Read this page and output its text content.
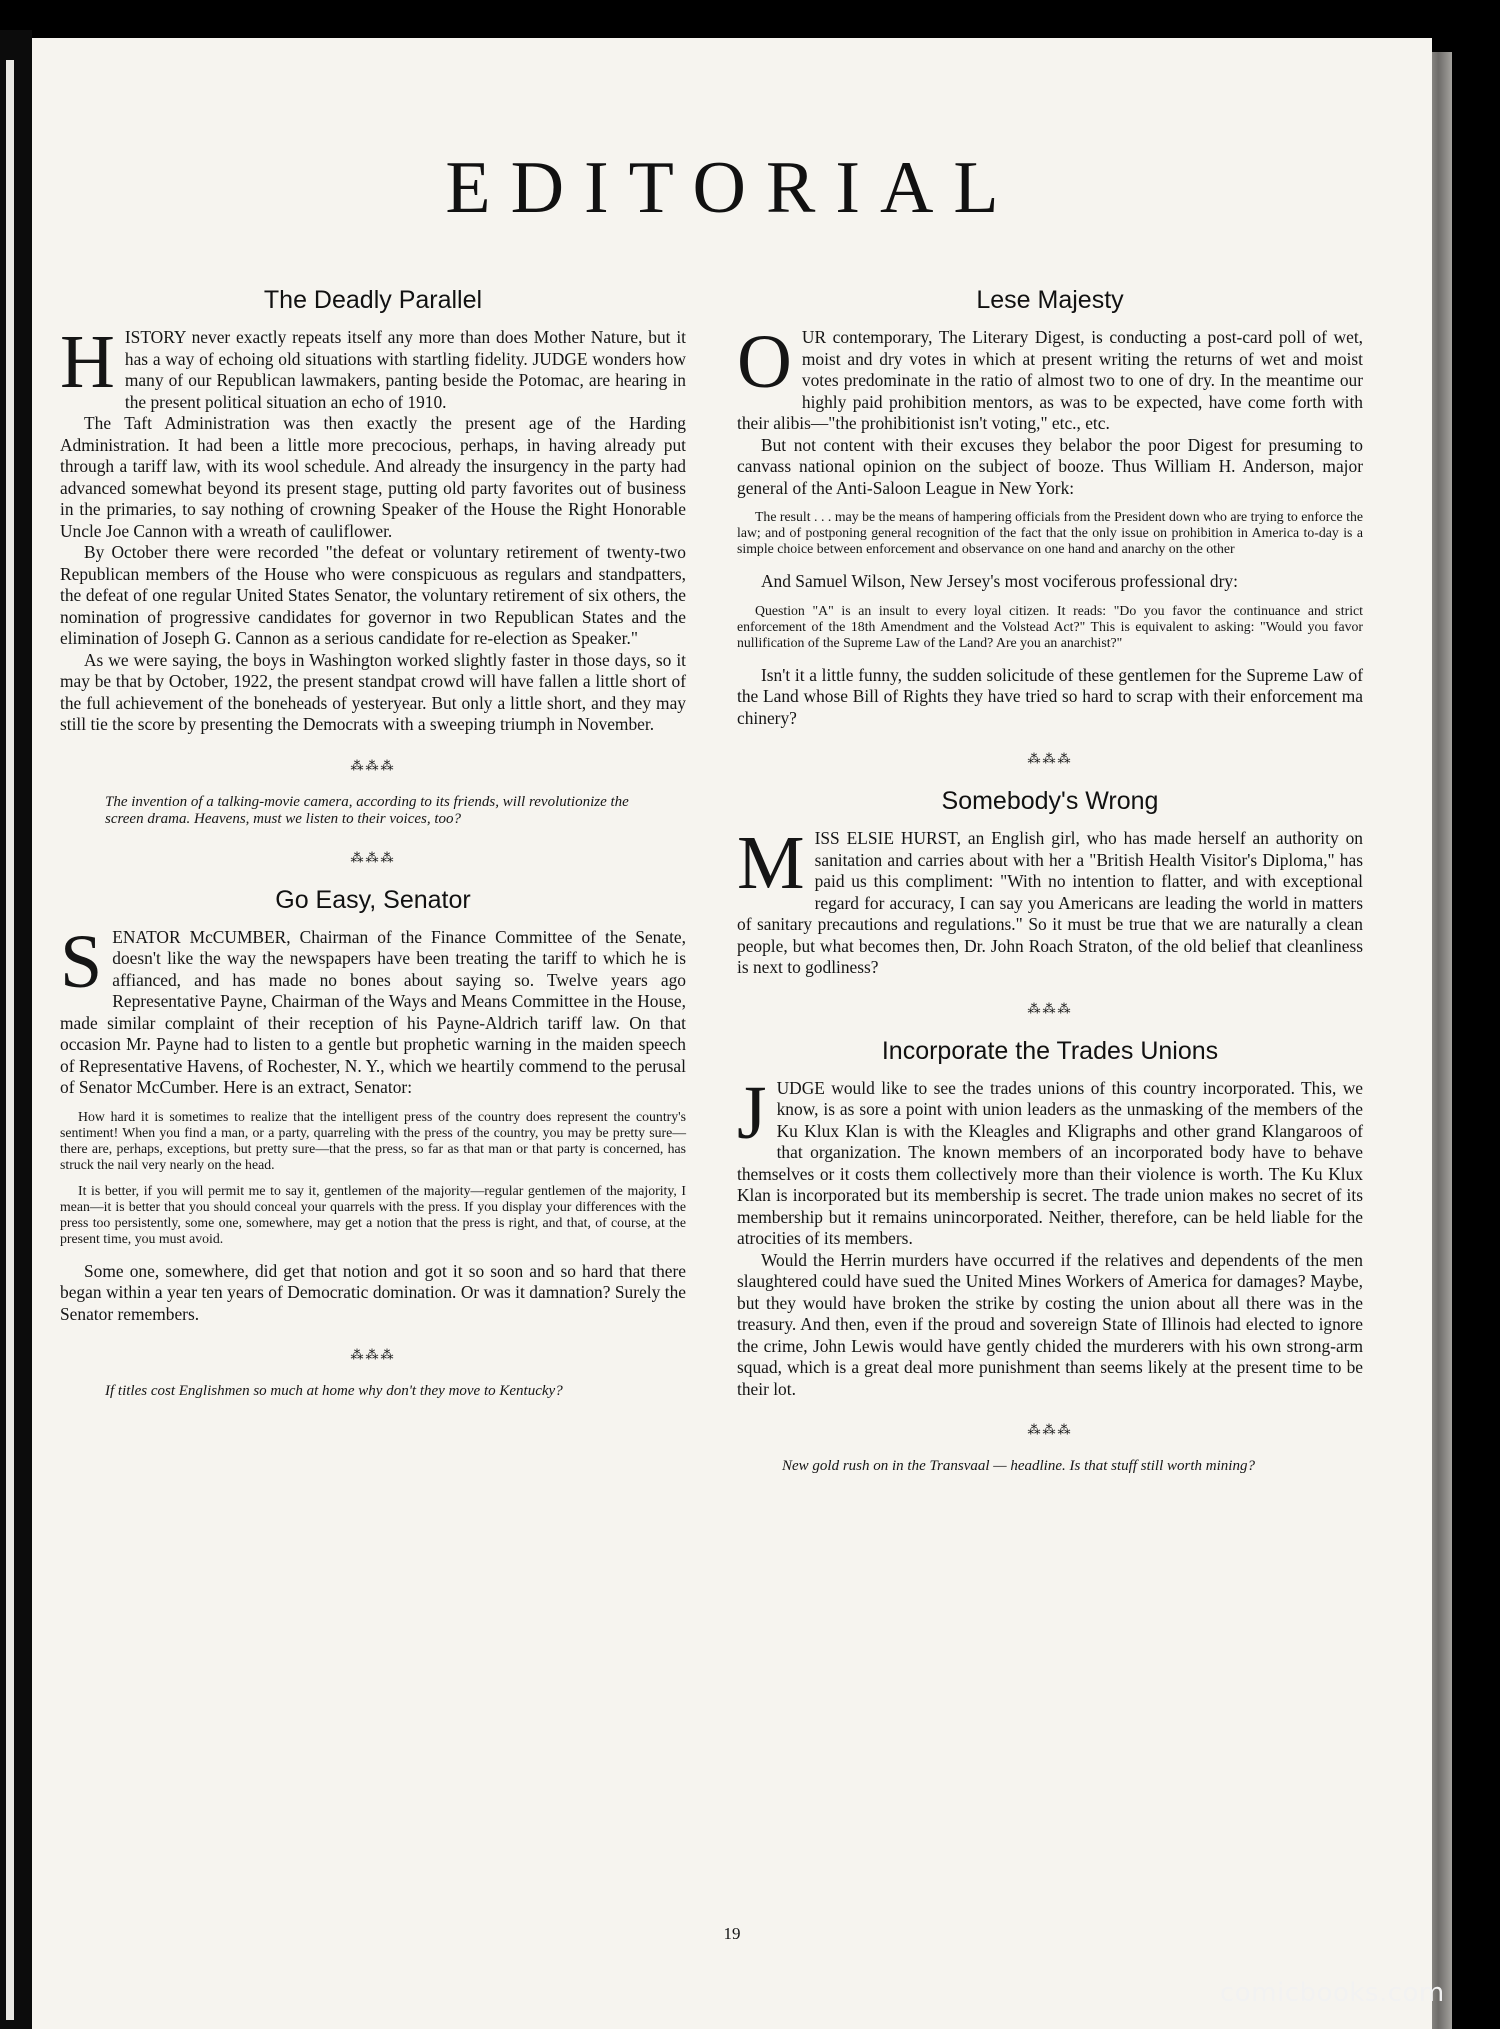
EDITORIAL
The Deadly Parallel

HISTORY never exactly repeats itself any more than does Mother Nature, but it has a way of echoing old situations with startling fidelity. JUDGE wonders how many of our Republican lawmakers, panting beside the Potomac, are hearing in the present political situation an echo of 1910.

The Taft Administration was then exactly the present age of the Harding Administration. It had been a little more precocious, perhaps, in having already put through a tariff law, with its wool schedule. And already the insurgency in the party had advanced somewhat beyond its present stage, putting old party favorites out of business in the primaries, to say nothing of crowning Speaker of the House the Right Honorable Uncle Joe Cannon with a wreath of cauliflower.

By October there were recorded "the defeat or voluntary retirement of twenty-two Republican members of the House who were conspicuous as regulars and standpatters, the defeat of one regular United States Senator, the voluntary retirement of six others, the nomination of progressive candidates for governor in two Republican States and the elimination of Joseph G. Cannon as a serious candidate for re-election as Speaker."

As we were saying, the boys in Washington worked slightly faster in those days, so it may be that by October, 1922, the present standpat crowd will have fallen a little short of the full achievement of the boneheads of yesteryear. But only a little short, and they may still tie the score by presenting the Democrats with a sweeping triumph in November.

⁂⁂⁂

The invention of a talking-movie camera, according to its friends, will revolutionize the screen drama. Heavens, must we listen to their voices, too?

⁂⁂⁂
Go Easy, Senator

SENATOR McCUMBER, Chairman of the Finance Committee of the Senate, doesn't like the way the newspapers have been treating the tariff to which he is affianced, and has made no bones about saying so. Twelve years ago Representative Payne, Chairman of the Ways and Means Committee in the House, made similar complaint of their reception of his Payne-Aldrich tariff law. On that occasion Mr. Payne had to listen to a gentle but prophetic warning in the maiden speech of Representative Havens, of Rochester, N. Y., which we heartily commend to the perusal of Senator McCumber. Here is an extract, Senator:

How hard it is sometimes to realize that the intelligent press of the country does represent the country's sentiment! When you find a man, or a party, quarreling with the press of the country, you may be pretty sure—there are, perhaps, exceptions, but pretty sure—that the press, so far as that man or that party is concerned, has struck the nail very nearly on the head.

It is better, if you will permit me to say it, gentlemen of the majority—regular gentlemen of the majority, I mean—it is better that you should conceal your quarrels with the press. If you display your differences with the press too persistently, some one, somewhere, may get a notion that the press is right, and that, of course, at the present time, you must avoid.

Some one, somewhere, did get that notion and got it so soon and so hard that there began within a year ten years of Democratic domination. Or was it damnation? Surely the Senator remembers.

⁂⁂⁂

If titles cost Englishmen so much at home why don't they move to Kentucky?

Lese Majesty

OUR contemporary, The Literary Digest, is conducting a post-card poll of wet, moist and dry votes in which at present writing the returns of wet and moist votes predominate in the ratio of almost two to one of dry. In the meantime our highly paid prohibition mentors, as was to be expected, have come forth with their alibis—"the prohibitionist isn't voting," etc., etc.

But not content with their excuses they belabor the poor Digest for presuming to canvass national opinion on the subject of booze. Thus William H. Anderson, major general of the Anti-Saloon League in New York:

The result . . . may be the means of hampering officials from the President down who are trying to enforce the law; and of postponing general recognition of the fact that the only issue on prohibition in America to-day is a simple choice between enforcement and observance on one hand and anarchy on the other

And Samuel Wilson, New Jersey's most vociferous professional dry:

Question "A" is an insult to every loyal citizen. It reads: "Do you favor the continuance and strict enforcement of the 18th Amendment and the Volstead Act?" This is equivalent to asking: "Would you favor nullification of the Supreme Law of the Land? Are you an anarchist?"

Isn't it a little funny, the sudden solicitude of these gentlemen for the Supreme Law of the Land whose Bill of Rights they have tried so hard to scrap with their enforcement ma chinery?

⁂⁂⁂
Somebody's Wrong

MISS ELSIE HURST, an English girl, who has made herself an authority on sanitation and carries about with her a "British Health Visitor's Diploma," has paid us this compliment: "With no intention to flatter, and with exceptional regard for accuracy, I can say you Americans are leading the world in matters of sanitary precautions and regulations." So it must be true that we are naturally a clean people, but what becomes then, Dr. John Roach Straton, of the old belief that cleanliness is next to godliness?

⁂⁂⁂
Incorporate the Trades Unions

JUDGE would like to see the trades unions of this country incorporated. This, we know, is as sore a point with union leaders as the unmasking of the members of the Ku Klux Klan is with the Kleagles and Kligraphs and other grand Klangaroos of that organization. The known members of an incorporated body have to behave themselves or it costs them collectively more than their violence is worth. The Ku Klux Klan is incorporated but its membership is secret. The trade union makes no secret of its membership but it remains unincorporated. Neither, therefore, can be held liable for the atrocities of its members.

Would the Herrin murders have occurred if the relatives and dependents of the men slaughtered could have sued the United Mines Workers of America for damages? Maybe, but they would have broken the strike by costing the union about all there was in the treasury. And then, even if the proud and sovereign State of Illinois had elected to ignore the crime, John Lewis would have gently chided the murderers with his own strong-arm squad, which is a great deal more punishment than seems likely at the present time to be their lot.

⁂⁂⁂

New gold rush on in the Transvaal — headline. Is that stuff still worth mining?

19
comicbooks.com
